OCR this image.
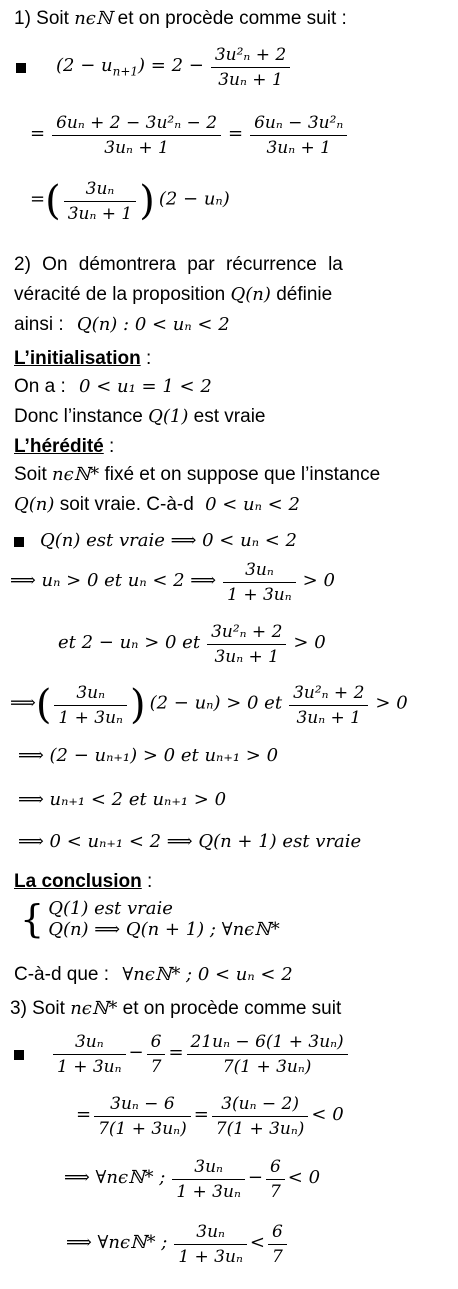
1) Soit nϵℕ et on procède comme suit :
$(2 - u_{n+1}) = 2 - \frac{\text{3u²ₙ + 2}}{\text{3uₙ + 1}}$
= $\frac{\text{6uₙ + 2 − 3u²ₙ − 2}}{\text{3uₙ + 1}} = \frac{\text{6uₙ − 3u²ₙ}}{\text{3uₙ + 1}}$
=( $\frac{\text{3uₙ}}{\text{3uₙ + 1}}$ ) (2 − uₙ)
2) On démontrera par récurrence la
véracité de la proposition Q(n) définie
ainsi : Q(n) : 0 < uₙ < 2
L’initialisation :
On a : 0 < u₁ = 1 < 2
Donc l’instance Q(1) est vraie
L’hérédité :
Soit nϵℕ* fixé et on suppose que l’instance
Q(n) soit vraie. C-à-d 0 < uₙ < 2
Q(n) est vraie ⟹ 0 < uₙ < 2
⟹ uₙ > 0 et uₙ < 2 ⟹ $\frac{\text{3uₙ}}{\text{1 + 3uₙ}} > 0$
et 2 − uₙ > 0 et $\frac{\text{3u²ₙ + 2}}{\text{3uₙ + 1}} > 0$
⟹( $\frac{\text{3uₙ}}{\text{1 + 3uₙ}}$ ) (2 − uₙ) > 0 et $\frac{\text{3u²ₙ + 2}}{\text{3uₙ + 1}} > 0$
⟹ (2 − uₙ₊₁) > 0 et uₙ₊₁ > 0
⟹ uₙ₊₁ < 2 et uₙ₊₁ > 0
⟹ 0 < uₙ₊₁ < 2 ⟹ Q(n + 1) est vraie
La conclusion :
{ Q(1) est vraie
Q(n) ⟹ Q(n + 1) ; ∀nϵℕ*
C-à-d que : ∀nϵℕ* ; 0 < uₙ < 2
3) Soit nϵℕ* et on procède comme suit

$\frac{\text{3uₙ}}{\text{1 + 3uₙ}} - \frac{6}{7} = \frac{\text{21uₙ − 6(1 + 3uₙ)}}{\text{7(1 + 3uₙ)}}$
= $\frac{\text{3uₙ − 6}}{\text{7(1 + 3uₙ)}} = \frac{\text{3(uₙ − 2)}}{\text{7(1 + 3uₙ)}} < 0$
⟹ ∀nϵℕ* ; $\frac{\text{3uₙ}}{\text{1 + 3uₙ}} - \frac{6}{7} < 0$
⟹ ∀nϵℕ* ; $\frac{\text{3uₙ}}{\text{1 + 3uₙ}} < \frac{6}{7}$
